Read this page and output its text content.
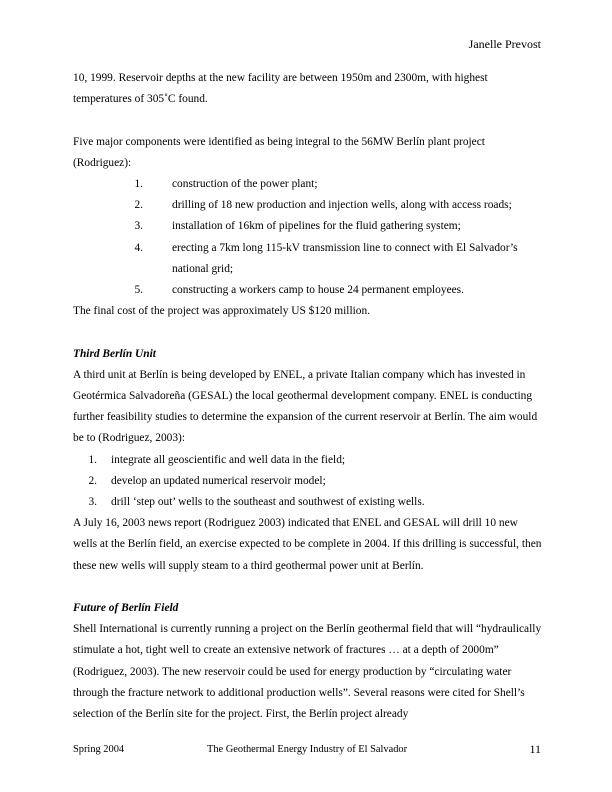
Janelle Prevost

10, 1999. Reservoir depths at the new facility are between 1950m and 2300m, with highest temperatures of 305˚C found.

Five major components were identified as being integral to the 56MW Berlín plant project (Rodriguez):

1.	construction of the power plant;
2.	drilling of 18 new production and injection wells, along with access roads;
3.	installation of 16km of pipelines for the fluid gathering system;
4.	erecting a 7km long 115-kV transmission line to connect with El Salvador’s national grid;
5.	constructing a workers camp to house 24 permanent employees.

The final cost of the project was approximately US $120 million.

Third Berlín Unit

A third unit at Berlín is being developed by ENEL, a private Italian company which has invested in Geotérmica Salvadoreña (GESAL) the local geothermal development company. ENEL is conducting further feasibility studies to determine the expansion of the current reservoir at Berlín. The aim would be to (Rodriguez, 2003):

1. integrate all geoscientific and well data in the field;
2. develop an updated numerical reservoir model;
3. drill ‘step out’ wells to the southeast and southwest of existing wells.

A July 16, 2003 news report (Rodriguez 2003) indicated that ENEL and GESAL will drill 10 new wells at the Berlín field, an exercise expected to be complete in 2004. If this drilling is successful, then these new wells will supply steam to a third geothermal power unit at Berlín.

Future of Berlín Field

Shell International is currently running a project on the Berlín geothermal field that will “hydraulically stimulate a hot, tight well to create an extensive network of fractures … at a depth of 2000m” (Rodriguez, 2003). The new reservoir could be used for energy production by “circulating water through the fracture network to additional production wells”. Several reasons were cited for Shell’s selection of the Berlín site for the project. First, the Berlín project already

Spring 2004	The Geothermal Energy Industry of El Salvador	11
